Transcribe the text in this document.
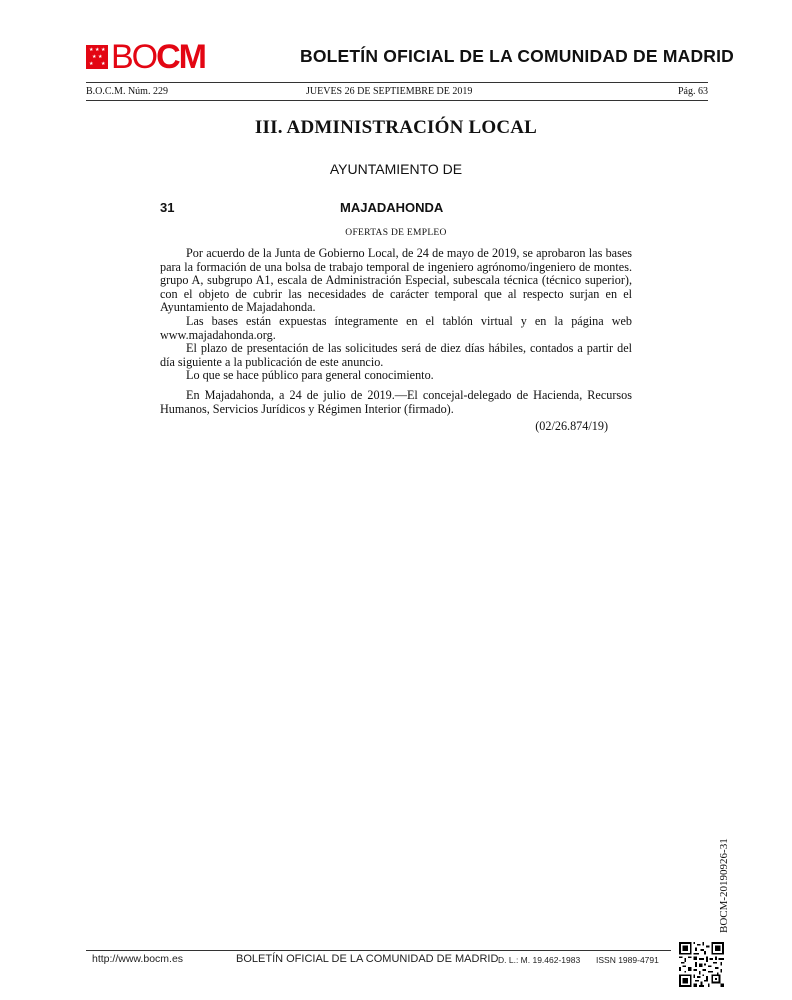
★ ★ ★
★ ★
★ ★ BOCM	BOLETÍN OFICIAL DE LA COMUNIDAD DE MADRID
B.O.C.M. Núm. 229	JUEVES 26 DE SEPTIEMBRE DE 2019	Pág. 63
III. ADMINISTRACIÓN LOCAL
AYUNTAMIENTO DE
31	MAJADAHONDA
OFERTAS DE EMPLEO

Por acuerdo de la Junta de Gobierno Local, de 24 de mayo de 2019, se aprobaron las bases para la formación de una bolsa de trabajo temporal de ingeniero agrónomo/ingeniero de montes. grupo A, subgrupo A1, escala de Administración Especial, subescala técnica (técnico superior), con el objeto de cubrir las necesidades de carácter temporal que al respecto surjan en el Ayuntamiento de Majadahonda.

Las bases están expuestas íntegramente en el tablón virtual y en la página web www.majadahonda.org.

El plazo de presentación de las solicitudes será de diez días hábiles, contados a partir del día siguiente a la publicación de este anuncio.

Lo que se hace público para general conocimiento.

En Majadahonda, a 24 de julio de 2019.—El concejal-delegado de Hacienda, Recursos Humanos, Servicios Jurídicos y Régimen Interior (firmado).

(02/26.874/19)

BOCM-20190926-31
http://www.bocm.es	BOLETÍN OFICIAL DE LA COMUNIDAD DE MADRID D. L.: M. 19.462-1983 ISSN 1989-4791
